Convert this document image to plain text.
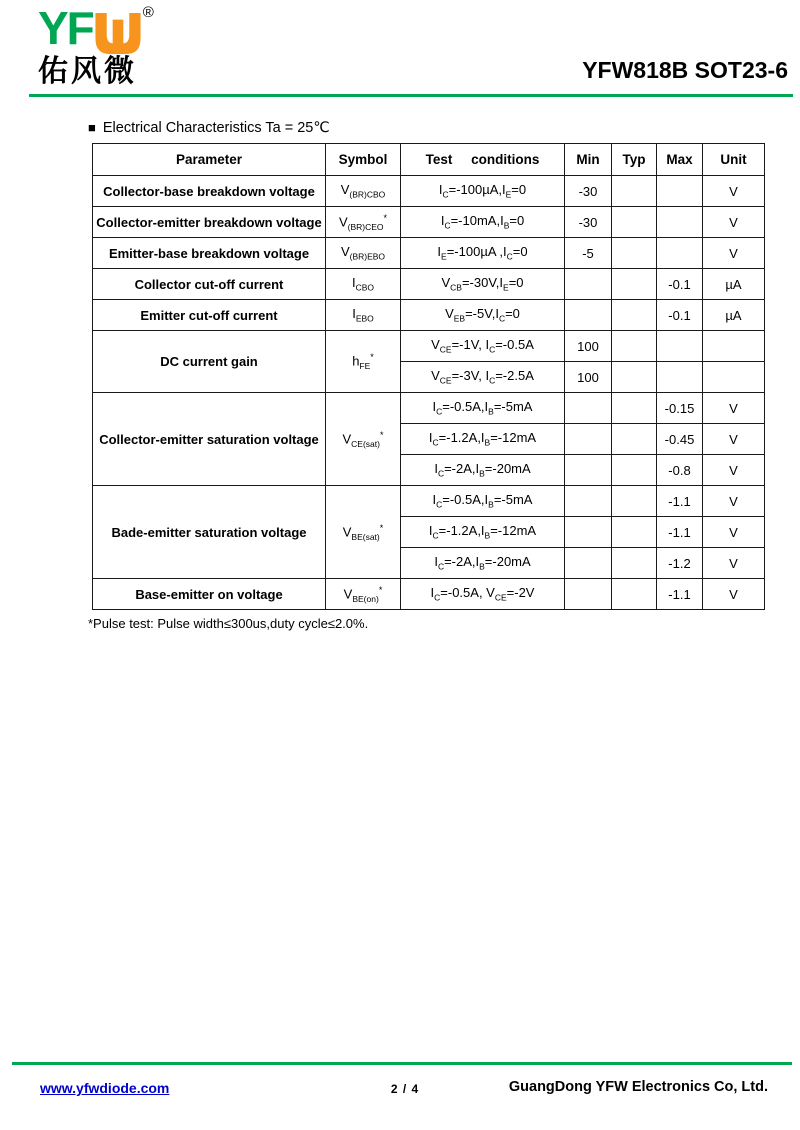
YF	®
佑风微	YFW818B SOT23-6
■ Electrical Characteristics Ta = 25℃
Parameter	Symbol	Test     conditions	Min	Typ	Max	Unit
Collector-base breakdown voltage	$V_{(BR)CBO}$	$I_C=-100\mu A,I_E=0$	-30			V
Collector-emitter breakdown voltage	$V_{(BR)CEO}^*$	$I_C=-10mA,I_B=0$	-30			V
Emitter-base breakdown voltage	$V_{(BR)EBO}$	$I_E=-100\mu A$ $,I_C=0$	-5			V
Collector cut-off current	$I_{CBO}$	$V_{CB}=-30V,I_E=0$			-0.1	µA
Emitter cut-off current	$I_{EBO}$	$V_{EB}=-5V,I_C=0$			-0.1	µA
DC current gain	$h_{FE}^*$	$V_{CE}=-1V$, $I_C=-0.5A$	100			
		$V_{CE}=-3V$, $I_C=-2.5A$	100			
Collector-emitter saturation voltage	$V_{CE(sat)}^*$	$I_C=-0.5A,I_B=-5mA$			-0.15	V
		$I_C=-1.2A,I_B=-12mA$			-0.45	V
		$I_C=-2A,I_B=-20mA$			-0.8	V
Bade-emitter saturation voltage	$V_{BE(sat)}^*$	$I_C=-0.5A,I_B=-5mA$			-1.1	V
		$I_C=-1.2A,I_B=-12mA$			-1.1	V
		$I_C=-2A,I_B=-20mA$			-1.2	V
Base-emitter on voltage	$V_{BE(on)}^*$	$I_C=-0.5A$, $V_{CE}=-2V$			-1.1	V
*Pulse test: Pulse width≤300us,duty cycle≤2.0%.
www.yfwdiode.com	2 / 4	GuangDong YFW Electronics Co, Ltd.
